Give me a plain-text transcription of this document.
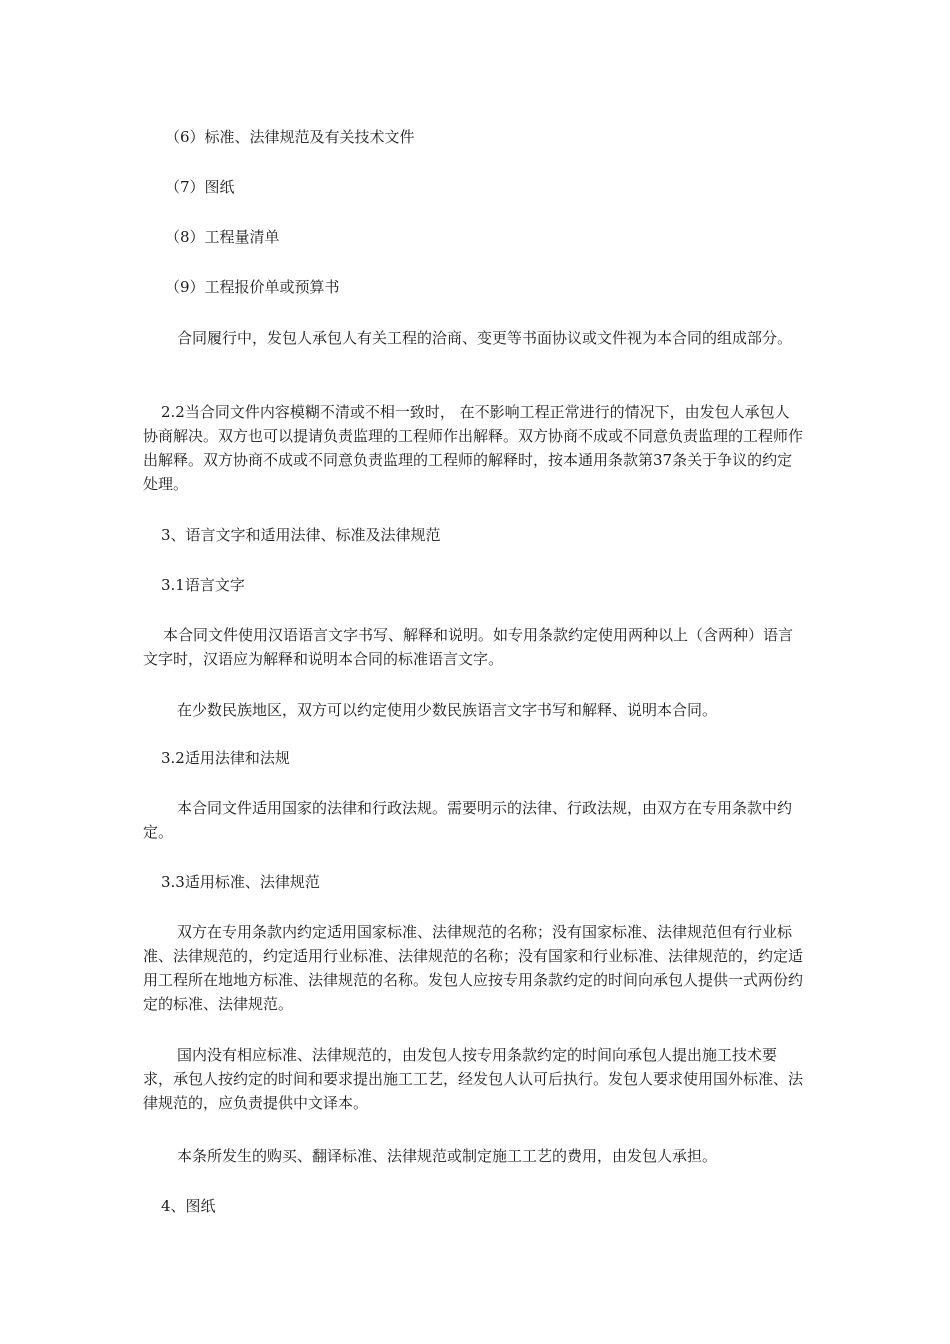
（6）标准、法律规范及有关技术文件

（7）图纸

（8）工程量清单

（9）工程报价单或预算书

合同履行中，发包人承包人有关工程的洽商、变更等书面协议或文件视为本合同的组成部分。

2.2当合同文件内容模糊不清或不相一致时， 在不影响工程正常进行的情况下，由发包人承包人协商解决。双方也可以提请负责监理的工程师作出解释。双方协商不成或不同意负责监理的工程师作出解释。双方协商不成或不同意负责监理的工程师的解释时，按本通用条款第37条关于争议的约定处理。

3、语言文字和适用法律、标准及法律规范

3.1语言文字

本合同文件使用汉语语言文字书写、解释和说明。如专用条款约定使用两种以上（含两种）语言文字时，汉语应为解释和说明本合同的标准语言文字。

在少数民族地区，双方可以约定使用少数民族语言文字书写和解释、说明本合同。

3.2适用法律和法规

本合同文件适用国家的法律和行政法规。需要明示的法律、行政法规，由双方在专用条款中约定。

3.3适用标准、法律规范

双方在专用条款内约定适用国家标准、法律规范的名称；没有国家标准、法律规范但有行业标准、法律规范的，约定适用行业标准、法律规范的名称；没有国家和行业标准、法律规范的，约定适用工程所在地地方标准、法律规范的名称。发包人应按专用条款约定的时间向承包人提供一式两份约定的标准、法律规范。

国内没有相应标准、法律规范的，由发包人按专用条款约定的时间向承包人提出施工技术要求，承包人按约定的时间和要求提出施工工艺，经发包人认可后执行。发包人要求使用国外标准、法律规范的，应负责提供中文译本。

本条所发生的购买、翻译标准、法律规范或制定施工工艺的费用，由发包人承担。

4、图纸
